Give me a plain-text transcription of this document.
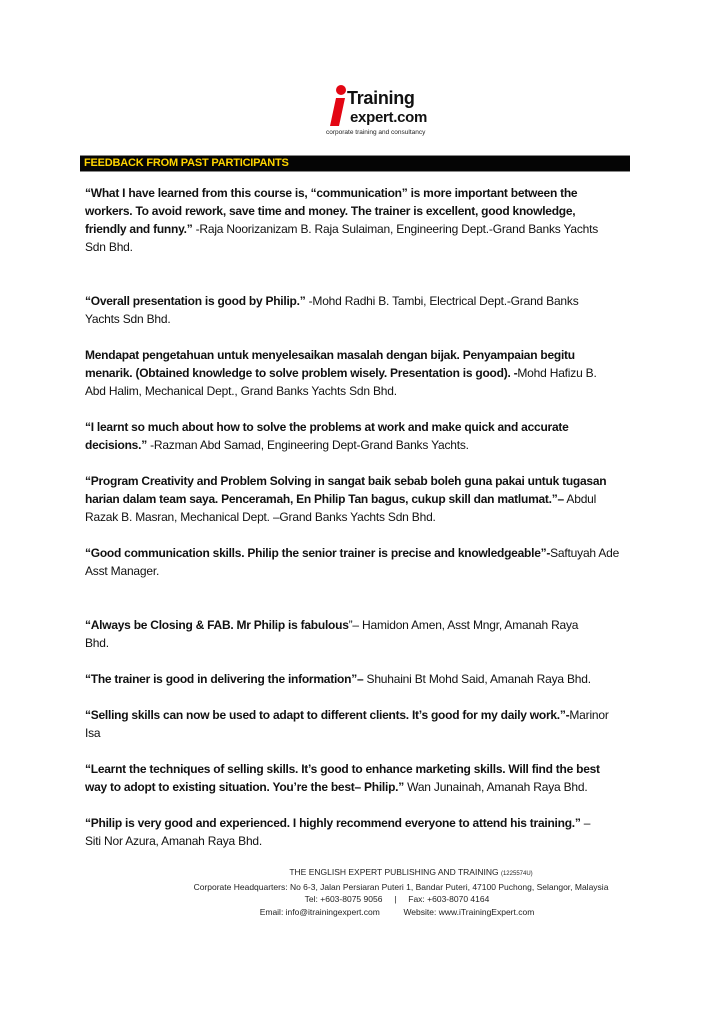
Training
expert.com
corporate training and consultancy
FEEDBACK FROM PAST PARTICIPANTS

“What I have learned from this course is, “communication” is more important between the

workers. To avoid rework, save time and money. The trainer is excellent, good knowledge,

friendly and funny.” -Raja Noorizanizam B. Raja Sulaiman, Engineering Dept.-Grand Banks Yachts

Sdn Bhd.

“Overall presentation is good by Philip.” -Mohd Radhi B. Tambi, Electrical Dept.-Grand Banks

Yachts Sdn Bhd.

Mendapat pengetahuan untuk menyelesaikan masalah dengan bijak. Penyampaian begitu

menarik. (Obtained knowledge to solve problem wisely. Presentation is good). -Mohd Hafizu B.

Abd Halim, Mechanical Dept., Grand Banks Yachts Sdn Bhd.

“I learnt so much about how to solve the problems at work and make quick and accurate

decisions.” -Razman Abd Samad, Engineering Dept-Grand Banks Yachts.

“Program Creativity and Problem Solving in sangat baik sebab boleh guna pakai untuk tugasan

harian dalam team saya. Penceramah, En Philip Tan bagus, cukup skill dan matlumat.”– Abdul

Razak B. Masran, Mechanical Dept. –Grand Banks Yachts Sdn Bhd.

“Good communication skills. Philip the senior trainer is precise and knowledgeable”-Saftuyah Ade

Asst Manager.

“Always be Closing & FAB. Mr Philip is fabulous”– Hamidon Amen, Asst Mngr, Amanah Raya

Bhd.

“The trainer is good in delivering the information”– Shuhaini Bt Mohd Said, Amanah Raya Bhd.

“Selling skills can now be used to adapt to different clients. It’s good for my daily work.”-Marinor

Isa

“Learnt the techniques of selling skills. It’s good to enhance marketing skills. Will find the best

way to adopt to existing situation. You’re the best– Philip.” Wan Junainah, Amanah Raya Bhd.

“Philip is very good and experienced. I highly recommend everyone to attend his training.” –

Siti Nor Azura, Amanah Raya Bhd.

THE ENGLISH EXPERT PUBLISHING AND TRAINING (1225574U)
Corporate Headquarters: No 6-3, Jalan Persiaran Puteri 1, Bandar Puteri, 47100 Puchong, Selangor, Malaysia
Tel: +603-8075 9056 | Fax: +603-8070 4164
Email: info@itrainingexpert.com	Website: www.iTrainingExpert.com
